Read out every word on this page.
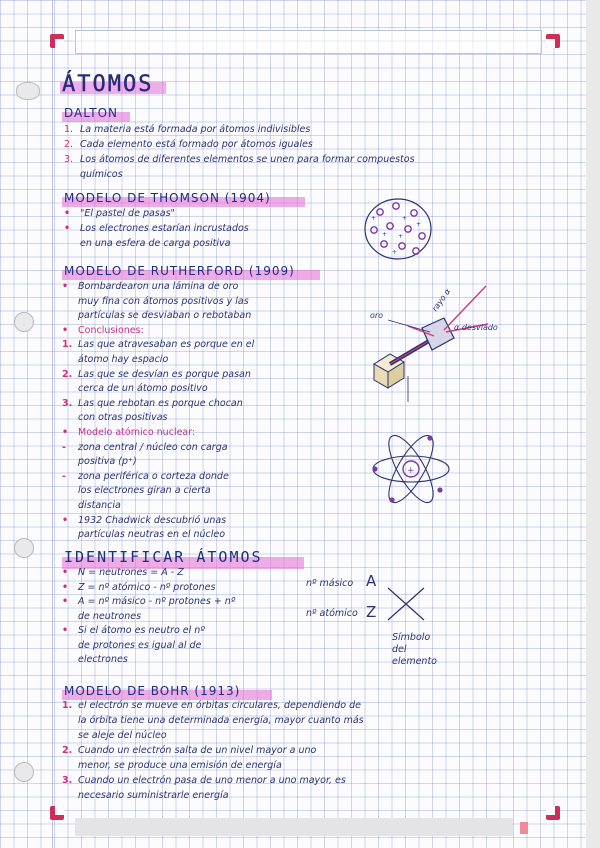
ÁTOMOS
DALTON
1. La materia está formada por átomos indivisibles
2. Cada elemento está formado por átomos iguales
3. Los átomos de diferentes elementos se unen para formar compuestos
químicos
MODELO DE THOMSON (1904)
• "El pastel de pasas"
• Los electrones estarían incrustados
en una esfera de carga positiva
+	+
+ +
+
+
MODELO DE RUTHERFORD (1909)
• Bombardearon una lámina de oro
muy fina con átomos positivos y las
partículas se desviaban o rebotaban
• Conclusiones:
1. Las que atravesaban es porque en el
átomo hay espacio
2. Las que se desvían es porque pasan
cerca de un átomo positivo
3. Las que rebotan es porque chocan
con otras positivas
• Modelo atómico nuclear:
- zona central / núcleo con carga
positiva (p⁺)
- zona periférica o corteza donde
los electrones giran a cierta
distancia
• 1932 Chadwick descubrió unas
partículas neutras en el núcleo
oro
rayo α
α desviado
+
IDENTIFICAR ÁTOMOS
• N = neutrones = A - Z
• Z = nº atómico - nº protones
• A = nº másico - nº protones + nº
de neutrones
• Si el átomo es neutro el nº
de protones es igual al de
electrones
nº másico A
nº atómico Z
Símbolo
del
elemento
MODELO DE BOHR (1913)
1. el electrón se mueve en órbitas circulares, dependiendo de
la órbita tiene una determinada energía, mayor cuanto más
se aleje del núcleo
2. Cuando un electrón salta de un nivel mayor a uno
menor, se produce una emisión de energía
3. Cuando un electrón pasa de uno menor a uno mayor, es
necesario suministrarle energía
